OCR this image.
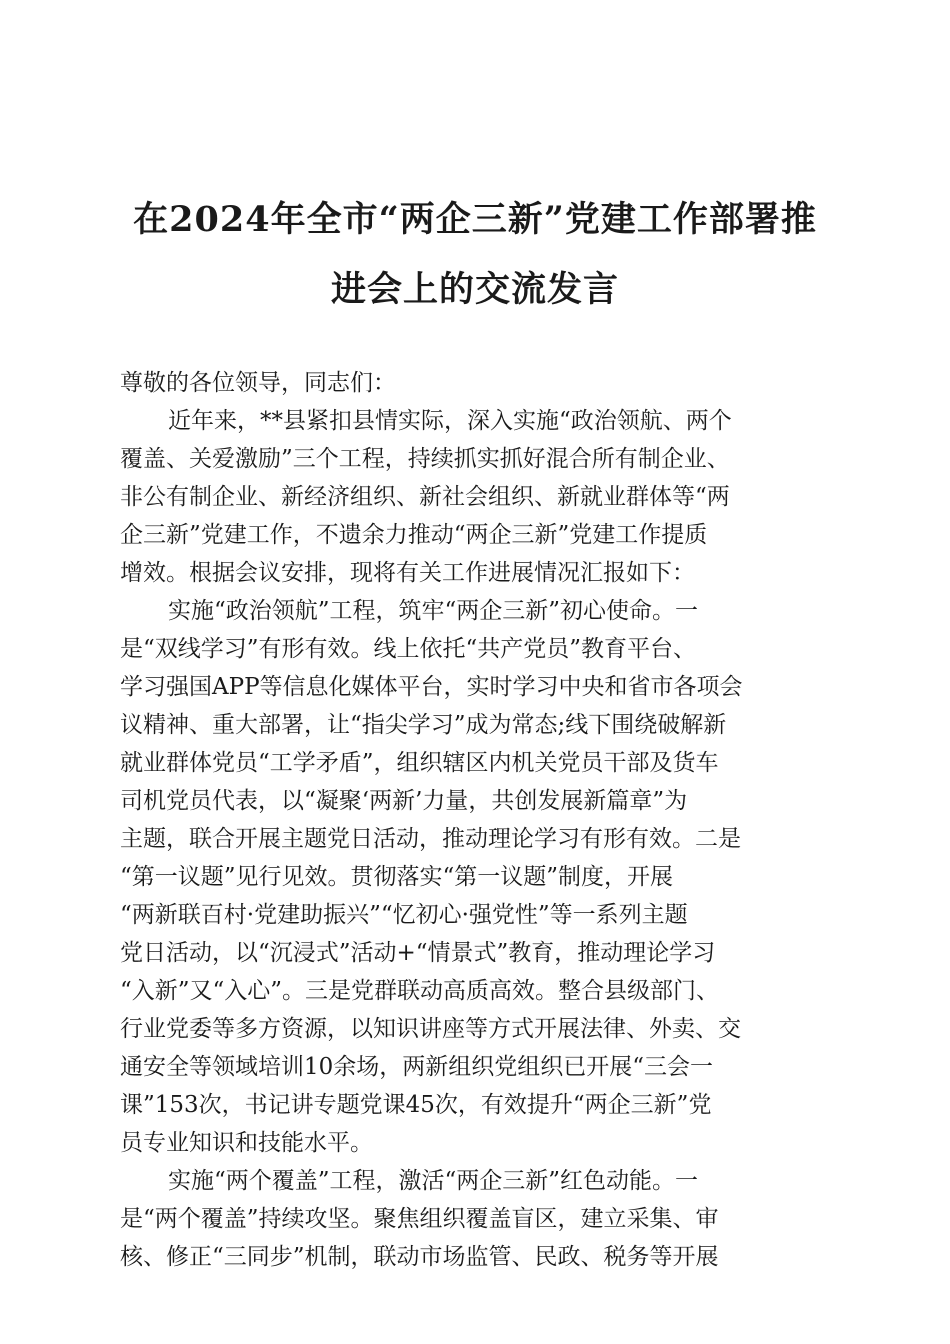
在2024年全市“两企三新”党建工作部署推
进会上的交流发言
尊敬的各位领导，同志们：
近年来，**县紧扣县情实际，深入实施“政治领航、两个
覆盖、关爱激励”三个工程，持续抓实抓好混合所有制企业、
非公有制企业、新经济组织、新社会组织、新就业群体等“两
企三新”党建工作，不遗余力推动“两企三新”党建工作提质
增效。根据会议安排，现将有关工作进展情况汇报如下：
实施“政治领航”工程，筑牢“两企三新”初心使命。一
是“双线学习”有形有效。线上依托“共产党员”教育平台、
学习强国APP等信息化媒体平台，实时学习中央和省市各项会
议精神、重大部署，让“指尖学习”成为常态;线下围绕破解新
就业群体党员“工学矛盾”，组织辖区内机关党员干部及货车
司机党员代表，以“凝聚‘两新’力量，共创发展新篇章”为
主题，联合开展主题党日活动，推动理论学习有形有效。二是
“第一议题”见行见效。贯彻落实“第一议题”制度，开展
“两新联百村·党建助振兴”“忆初心·强党性”等一系列主题
党日活动，以“沉浸式”活动+“情景式”教育，推动理论学习
“入新”又“入心”。三是党群联动高质高效。整合县级部门、
行业党委等多方资源，以知识讲座等方式开展法律、外卖、交
通安全等领域培训10余场，两新组织党组织已开展“三会一
课”153次，书记讲专题党课45次，有效提升“两企三新”党
员专业知识和技能水平。
实施“两个覆盖”工程，激活“两企三新”红色动能。一
是“两个覆盖”持续攻坚。聚焦组织覆盖盲区，建立采集、审
核、修正“三同步”机制，联动市场监管、民政、税务等开展
